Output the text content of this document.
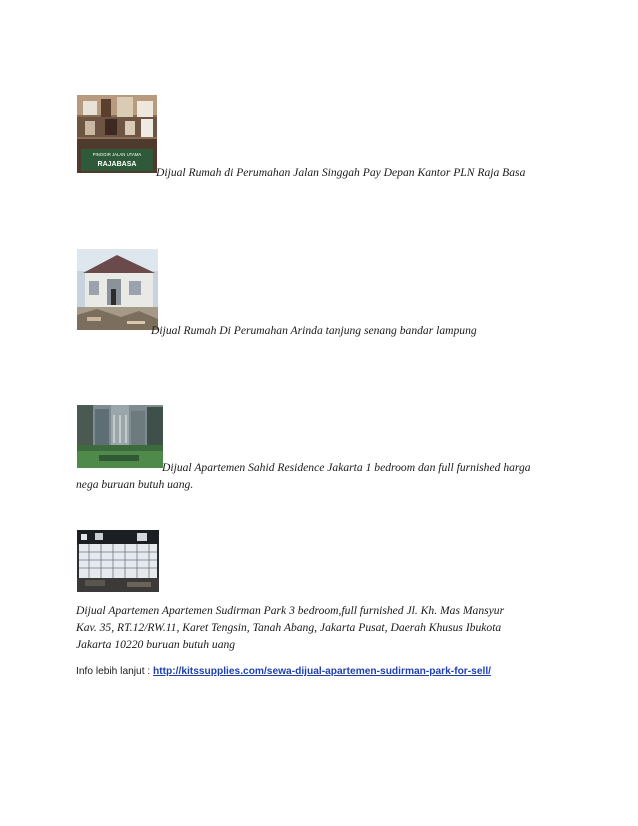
PINGGIR JALAN UTAMA
RAJABASA
Dijual Rumah di Perumahan Jalan Singgah Pay Depan Kantor PLN Raja Basa
Dijual Rumah Di Perumahan Arinda tanjung senang bandar lampung
Dijual Apartemen Sahid Residence Jakarta 1 bedroom dan full furnished harga
nega buruan butuh uang.
Dijual Apartemen Apartemen Sudirman Park 3 bedroom,full furnished Jl. Kh. Mas Mansyur
Kav. 35, RT.12/RW.11, Karet Tengsin, Tanah Abang, Jakarta Pusat, Daerah Khusus Ibukota
Jakarta 10220 buruan butuh uang
Info lebih lanjut : http://kitssupplies.com/sewa-dijual-apartemen-sudirman-park-for-sell/
